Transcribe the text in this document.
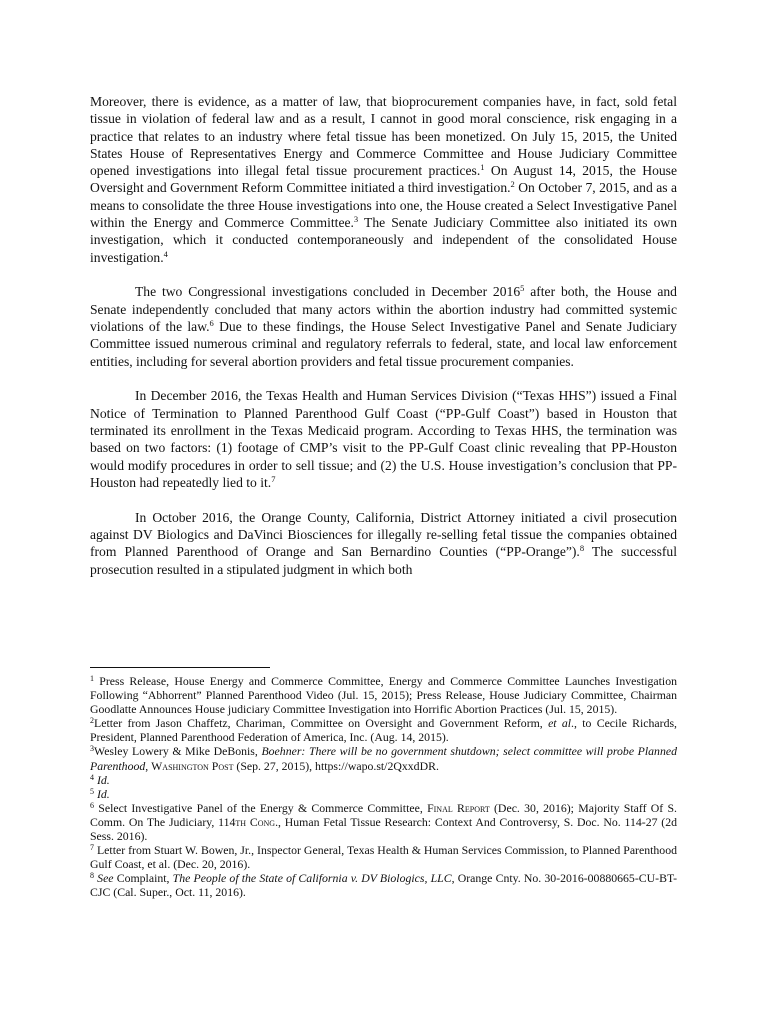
Moreover, there is evidence, as a matter of law, that bioprocurement companies have, in fact, sold fetal tissue in violation of federal law and as a result, I cannot in good moral conscience, risk engaging in a practice that relates to an industry where fetal tissue has been monetized. On July 15, 2015, the United States House of Representatives Energy and Commerce Committee and House Judiciary Committee opened investigations into illegal fetal tissue procurement practices.$^1$ On August 14, 2015, the House Oversight and Government Reform Committee initiated a third investigation.$^2$ On October 7, 2015, and as a means to consolidate the three House investigations into one, the House created a Select Investigative Panel within the Energy and Commerce Committee.$^3$ The Senate Judiciary Committee also initiated its own investigation, which it conducted contemporaneously and independent of the consolidated House investigation.$^4$

The two Congressional investigations concluded in December 2016$^5$ after both, the House and Senate independently concluded that many actors within the abortion industry had committed systemic violations of the law.$^6$ Due to these findings, the House Select Investigative Panel and Senate Judiciary Committee issued numerous criminal and regulatory referrals to federal, state, and local law enforcement entities, including for several abortion providers and fetal tissue procurement companies.

In December 2016, the Texas Health and Human Services Division (“Texas HHS”) issued a Final Notice of Termination to Planned Parenthood Gulf Coast (“PP-Gulf Coast”) based in Houston that terminated its enrollment in the Texas Medicaid program. According to Texas HHS, the termination was based on two factors: (1) footage of CMP’s visit to the PP-Gulf Coast clinic revealing that PP-Houston would modify procedures in order to sell tissue; and (2) the U.S. House investigation’s conclusion that PP-Houston had repeatedly lied to it.$^7$

In October 2016, the Orange County, California, District Attorney initiated a civil prosecution against DV Biologics and DaVinci Biosciences for illegally re-selling fetal tissue the companies obtained from Planned Parenthood of Orange and San Bernardino Counties (“PP-Orange”).$^8$ The successful prosecution resulted in a stipulated judgment in which both

$^1$ Press Release, House Energy and Commerce Committee, Energy and Commerce Committee Launches Investigation Following “Abhorrent” Planned Parenthood Video (Jul. 15, 2015); Press Release, House Judiciary Committee, Chairman Goodlatte Announces House judiciary Committee Investigation into Horrific Abortion Practices (Jul. 15, 2015).
$^2$Letter from Jason Chaffetz, Chariman, Committee on Oversight and Government Reform, et al., to Cecile Richards, President, Planned Parenthood Federation of America, Inc. (Aug. 14, 2015).
$^3$Wesley Lowery & Mike DeBonis, Boehner: There will be no government shutdown; select committee will probe Planned Parenthood, Washington Post (Sep. 27, 2015), https://wapo.st/2QxxdDR.
$^4$ Id.
$^5$ Id.
$^6$ Select Investigative Panel of the Energy & Commerce Committee, Final Report (Dec. 30, 2016); Majority Staff Of S. Comm. On The Judiciary, 114th Cong., Human Fetal Tissue Research: Context And Controversy, S. Doc. No. 114-27 (2d Sess. 2016).
$^7$ Letter from Stuart W. Bowen, Jr., Inspector General, Texas Health & Human Services Commission, to Planned Parenthood Gulf Coast, et al. (Dec. 20, 2016).
$^8$ See Complaint, The People of the State of California v. DV Biologics, LLC, Orange Cnty. No. 30-2016-00880665-CU-BT-CJC (Cal. Super., Oct. 11, 2016).
